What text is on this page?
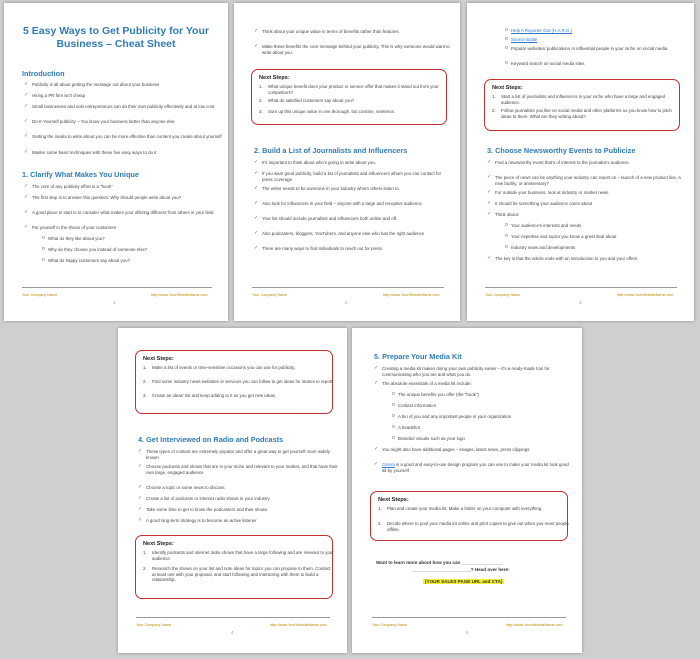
5 Easy Ways to Get Publicity for Your Business – Cheat Sheet
Introduction
✓ Publicity is all about getting the message out about your business
✓ Hiring a PR firm isn't cheap
✓ Small businesses and solo entrepreneurs can do their own publicity effectively and at low cost
✓ Do-It-Yourself publicity – You know your business better than anyone else
✓ Getting the media to write about you can be more effective than content you create about yourself
✓ Master some basic techniques with these five easy ways to do it
1. Clarify What Makes You Unique
✓ The core of any publicity effort is a "hook"
✓ The first step is to answer this question: Why should people write about you?
✓ A good place to start is to consider what makes your offering different from others in your field
✓ Put yourself in the shoes of your customers
o What do they like about you?
o Why do they choose you instead of someone else?
o What do happy customers say about you?
Your Company Name	http://www.YourWebsiteName.com
1
✓ Think about your unique value in terms of benefits rather than features
✓ Make these benefits the core message behind your publicity. This is why someone would want to write about you.
Next Steps:
1. What unique benefit does your product or service offer that makes it stand out from your competitors?
2. What do satisfied customers say about you?
3. Sum up this unique value in one thorough, but concise, sentence.
2. Build a List of Journalists and Influencers
✓ It's important to think about who's going to write about you.
✓ If you want good publicity, build a list of journalists and influencers whom you can contact for press coverage
✓ The writer needs to be someone in your industry whom others listen to.
✓ Also look for influencers in your field – anyone with a large and receptive audience
✓ Your list should include journalists and influencers both online and off.
✓ Also podcasters, bloggers, YouTubers, and anyone else who has the right audience
✓ There are many ways to find individuals to reach out for press.
Your Company Name	http://www.YourWebsiteName.com
2
o Help A Reporter Out (H.A.R.O.)
o Source Bottle
o Popular websites/ publications or influential people in your niche on social media.
o Keyword search on social media sites
Next Steps:
1. Start a list of journalists and influencers in your niche who have a large and engaged audience.
2. Follow journalists you like on social media and other platforms so you know how to pitch ideas to them. What are they writing about?
3. Choose Newsworthy Events to Publicize
✓ Find a newsworthy event that's of interest to the journalist's audience
✓ The piece of news can be anything your industry can report on – launch of a new product line, a new facility, or anniversary?
✓ For outside your business, look at industry or market news
✓ It should be something your audience cares about
✓ Think about:
o Your audience's interests and needs
o Your expertise and topics you know a great deal about
o Industry news and developments
✓ The key is that the article ends with an introduction to you and your offers
Your Company Name	http://www.YourWebsiteName.com
3
Next Steps:
1. Make a list of events or time-sensitive occasions you can use for publicity.
2. Find some industry news websites or services you can follow to get ideas for stories to report.
3. Create an ideas' list and keep adding to it as you get new ideas.
4. Get Interviewed on Radio and Podcasts
✓ These types of content are extremely popular and offer a great way to get yourself more widely known
✓ Choose podcasts and shows that are in your niche and relevant to your market, and that have their own large, engaged audience
✓ Choose a topic or some news to discuss
✓ Create a list of podcasts or internet radio shows in your industry
✓ Take some time to get to know the podcasters and their shows
✓ A good long-term strategy is to become an active listener
Next Steps:
1. Identify podcasts and internet radio shows that have a large following and are relevant to your audience.
2. Research the shows on your list and note ideas for topics you can propose to them. Contact at least one with your proposal, and start following and interacting with them to build a relationship.
Your Company Name	http://www.YourWebsiteName.com
4
5. Prepare Your Media Kit
✓ Creating a media kit makes doing your own publicity easier – it's a ready-made tool for communicating who you are and what you do.
✓ The absolute essentials of a media kit include:
o The unique benefits you offer (the "hook")
o Contact information
o A bio of you and any important people in your organization
o A headshot
o Branded visuals such as your logo
✓ You might also have additional pages – images, latest news, press clippings
✓ Canva is a good and easy-to-use design program you can use to make your media kit look good all by yourself.
Next Steps:
1. Plan and create your media kit. Make a folder on your computer with everything.
2. Decide where to post your media kit online and print copies to give out when you meet people offline.
Want to learn more about how you can ________________
_______________________? Head over here:
[YOUR SALES PAGE URL and CTA]
Your Company Name	http://www.YourWebsiteName.com
5
